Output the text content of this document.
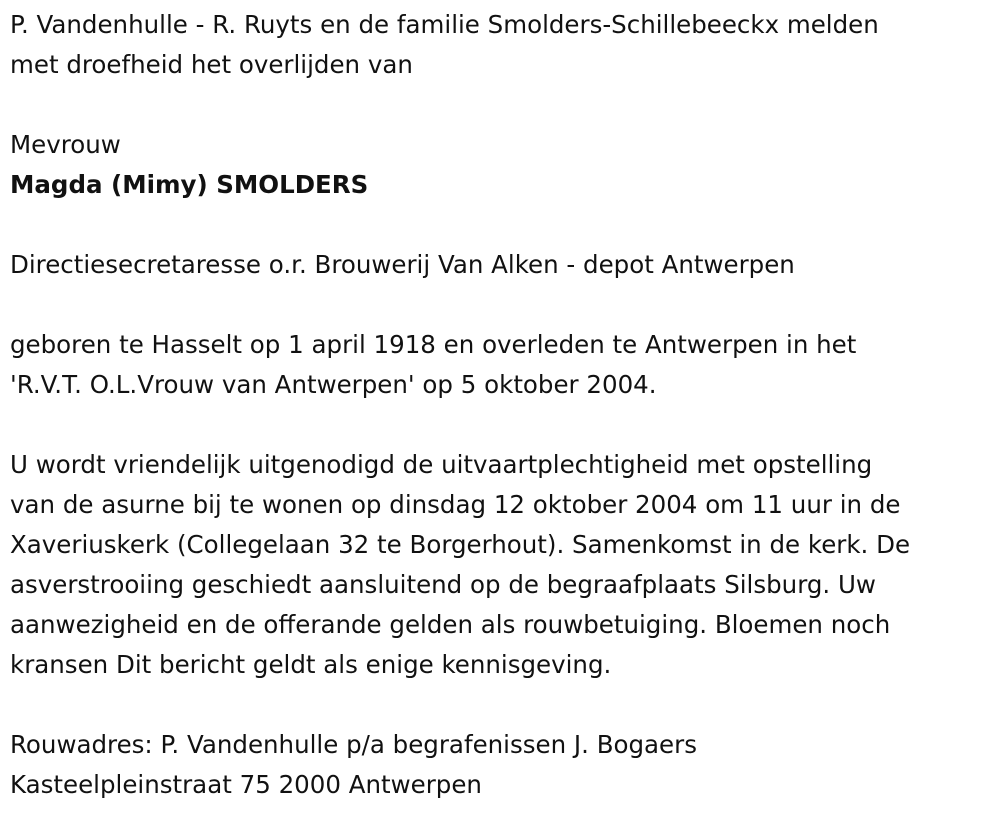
P. Vandenhulle - R. Ruyts en de familie Smolders-Schillebeeckx melden
met droefheid het overlijden van
Mevrouw
Magda (Mimy) SMOLDERS
Directiesecretaresse o.r. Brouwerij Van Alken - depot Antwerpen
geboren te Hasselt op 1 april 1918 en overleden te Antwerpen in het
'R.V.T. O.L.Vrouw van Antwerpen' op 5 oktober 2004.
U wordt vriendelijk uitgenodigd de uitvaartplechtigheid met opstelling
van de asurne bij te wonen op dinsdag 12 oktober 2004 om 11 uur in de
Xaveriuskerk (Collegelaan 32 te Borgerhout). Samenkomst in de kerk. De
asverstrooiing geschiedt aansluitend op de begraafplaats Silsburg. Uw
aanwezigheid en de offerande gelden als rouwbetuiging. Bloemen noch
kransen Dit bericht geldt als enige kennisgeving.
Rouwadres: P. Vandenhulle p/a begrafenissen J. Bogaers
Kasteelpleinstraat 75 2000 Antwerpen
